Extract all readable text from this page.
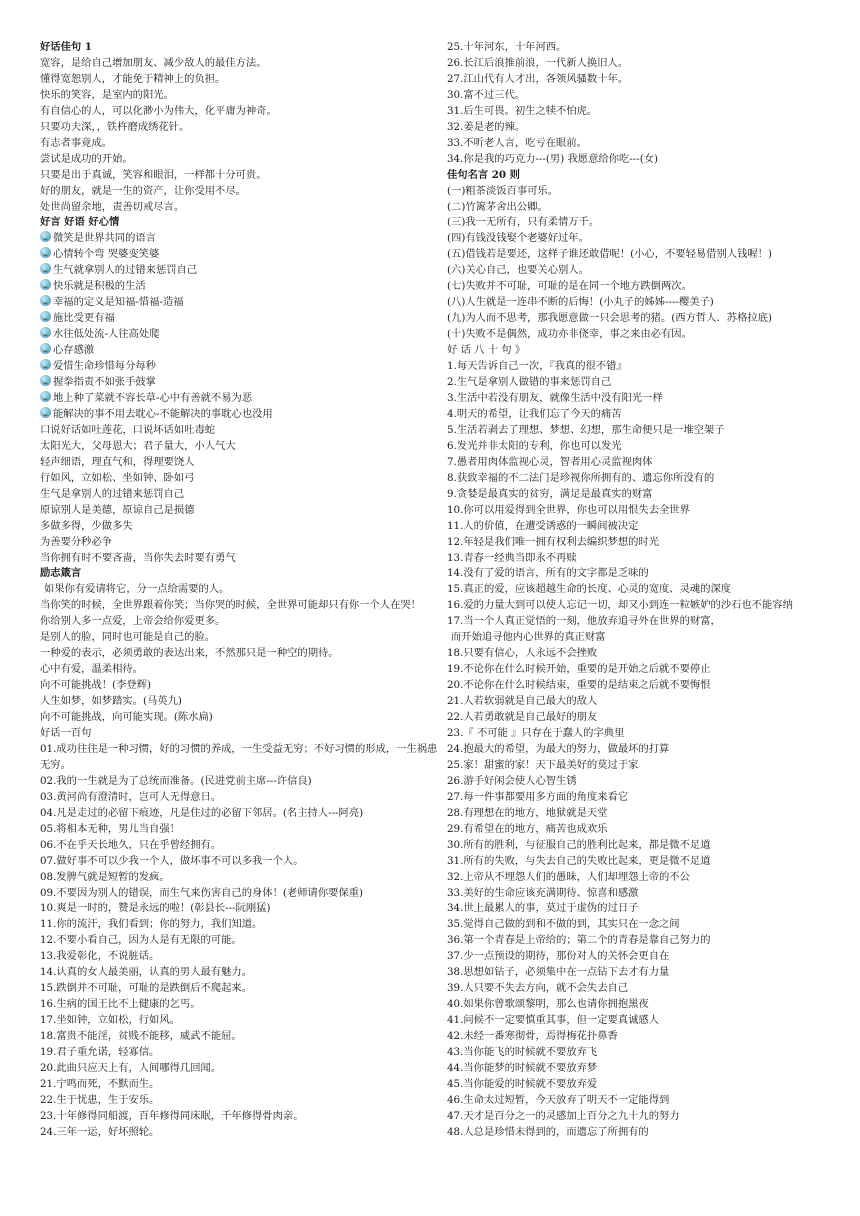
好话佳句 1
宽容，是给自己增加朋友、减少敌人的最佳方法。
懂得宽恕别人，才能免于精神上的负担。
快乐的笑容，是室内的阳光。
有自信心的人，可以化渺小为伟大，化平庸为神奇。
只要功夫深，，铁杵磨成绣花针。
有志者事竟成。
尝试是成功的开始。
只要是出于真诚，笑容和眼泪，一样都十分可贵。
好的朋友，就是一生的资产，让你受用不尽。
处世尚留余地，责善切戒尽言。
好言 好语 好心情
微笑是世界共同的语言
心情转个弯 哭婆变笑婆
生气就拿别人的过错来惩罚自己
快乐就是积极的生活
幸福的定义是知福-惜福-造福
施比受更有福
水往低处流-人往高处爬
心存感激
爱惜生命珍惜每分每秒
握拳指责不如张手鼓掌
地上种了菜就不容长草-心中有善就不易为恶
能解决的事不用去耽心-不能解决的事耽心也没用
口说好话如吐莲花，口说坏话如吐毒蛇
太阳光大，父母恩大；君子量大，小人气大
轻声细语，理直气和，得理要饶人
行如风，立如松、坐如钟、卧如弓
生气是拿别人的过错来惩罚自己
原谅别人是美德，原谅自己是损德
多做多得，少做多失
为善要分秒必争
当你拥有时不要吝啬，当你失去时要有勇气
励志箴言
如果你有爱请将它，分一点给需要的人。
当你笑的时候，全世界跟着你笑；当你哭的时候，全世界可能却只有你一个人在哭！
你给别人多一点爱，上帝会给你爱更多。
是别人的脸，同时也可能是自己的脸。
一种爱的表示，必须勇敢的表达出来，不然那只是一种空的期待。
心中有爱，温柔相待。
向不可能挑战！(李登辉)
人生如梦，如梦踏实。(马英九)
向不可能挑战，向可能实现。(陈水扁)
好话一百句
01.成功往往是一种习惯，好的习惯的养成，一生受益无穷；不好习惯的形成，一生祸患无穷。
02.我的一生就是为了总统而准备。(民进党前主席---许信良)
03.黄河尚有澄清时，岂可人无得意日。
04.凡是走过的必留下痕迹，凡是住过的必留下邻居。(名主持人---阿亮)
05.将相本无种，男儿当自强！
06.不在乎天长地久，只在乎曾经拥有。
07.做好事不可以少我一个人，做坏事不可以多我一个人。
08.发脾气就是短暂的发疯。
09.不要因为别人的错误，而生气来伤害自己的身体！(老师请你要保重)
10.爽是一时的，赞是永远的啦！(彰县长---阮刚猛)
11.你的流汗，我们看到；你的努力，我们知道。
12.不要小看自己，因为人是有无限的可能。
13.我爱彰化，不说脏话。
14.认真的女人最美丽，认真的男人最有魅力。
15.跌倒并不可耻，可耻的是跌倒后不爬起来。
16.生病的国王比不上健康的乞丐。
17.坐如钟，立如松，行如风。
18.富贵不能淫，贫贱不能移，威武不能屈。
19.君子重允诺，轻寡信。
20.此曲只应天上有，人间哪得几回闻。
21.宁鸣而死，不默而生。
22.生于忧患，生于安乐。
23.十年修得同船渡，百年修得同床眠，千年修得骨肉亲。
24.三年一运，好坏照轮。
25.十年河东，十年河西。
26.长江后浪推前浪，一代新人换旧人。
27.江山代有人才出，各领风骚数十年。
30.富不过三代。
31.后生可畏。初生之犊不怕虎。
32.姜是老的辣。
33.不听老人言，吃亏在眼前。
34.你是我的巧克力---(男) 我愿意给你吃---(女)
佳句名言 20 则
(一)粗茶淡饭百事可乐。
(二)竹篱茅舍出公卿。
(三)我一无所有，只有柔情万千。
(四)有钱没钱娶个老婆好过年。
(五)借钱若是要还，这样子谁还敢借呢！(小心，不要轻易借别人钱喔！)
(六)关心自己，也要关心别人。
(七)失败并不可耻，可耻的是在同一个地方跌倒两次。
(八)人生就是一连串不断的后悔！(小丸子的姊姊----樱美子)
(九)为人而不思考，那我愿意做一只会思考的猪。(西方哲人．苏格拉底)
(十)失败不是偶然，成功亦非侥幸，事之来由必有因。
好 话 八 十 句 》
1.每天告诉自己一次，『我真的很不错』
2.生气是拿别人做错的事来惩罚自己
3.生活中若没有朋友，就像生活中没有阳光一样
4.明天的希望，让我们忘了今天的痛苦
5.生活若剥去了理想、梦想、幻想，那生命便只是一堆空架子
6.发光并非太阳的专利，你也可以发光
7.愚者用肉体监视心灵，智者用心灵监视肉体
8.获致幸福的不二法门是珍视你所拥有的、遗忘你所没有的
9.贪婪是最真实的贫穷，满足是最真实的财富
10.你可以用爱得到全世界，你也可以用恨失去全世界
11.人的价值，在遭受诱惑的一瞬间被决定
12.年轻是我们唯一拥有权利去编织梦想的时光
13.青春一经典当即永不再赎
14.没有了爱的语言，所有的文字都是乏味的
15.真正的爱，应该超越生命的长度、心灵的宽度、灵魂的深度
16.爱的力量大到可以使人忘记一切，却又小到连一粒嫉妒的沙石也不能容纳
17.当一个人真正觉悟的一刻，他放弃追寻外在世界的财富，
而开始追寻他内心世界的真正财富
18.只要有信心，人永远不会挫败
19.不论你在什么时候开始，重要的是开始之后就不要停止
20.不论你在什么时候结束，重要的是结束之后就不要悔恨
21.人若软弱就是自己最大的敌人
22.人若勇敢就是自己最好的朋友
23.『 不可能 』只存在于蠢人的字典里
24.抱最大的希望，为最大的努力，做最坏的打算
25.家！甜蜜的家！天下最美好的莫过于家
26.游手好闲会使人心智生锈
27.每一件事都要用多方面的角度来看它
28.有理想在的地方，地狱就是天堂
29.有希望在的地方，痛苦也成欢乐
30.所有的胜利，与征服自己的胜利比起来，都是微不足道
31.所有的失败，与失去自己的失败比起来，更是微不足道
32.上帝从不埋怨人们的愚昧，人们却埋怨上帝的不公
33.美好的生命应该充满期待、惊喜和感激
34.世上最累人的事，莫过于虚伪的过日子
35.觉得自己做的到和不做的到，其实只在一念之间
36.第一个青春是上帝给的；第二个的青春是靠自己努力的
37.少一点预设的期待，那份对人的关怀会更自在
38.思想如钻子，必须集中在一点钻下去才有力量
39.人只要不失去方向，就不会失去自己
40.如果你曾歌颂黎明，那么也请你拥抱黑夜
41.问候不一定要慎重其事，但一定要真诚感人
42.未经一番寒彻骨，焉得梅花扑鼻香
43.当你能飞的时候就不要放弃飞
44.当你能梦的时候就不要放弃梦
45.当你能爱的时候就不要放弃爱
46.生命太过短暂，今天放弃了明天不一定能得到
47.天才是百分之一的灵感加上百分之九十九的努力
48.人总是珍惜未得到的，而遗忘了所拥有的
